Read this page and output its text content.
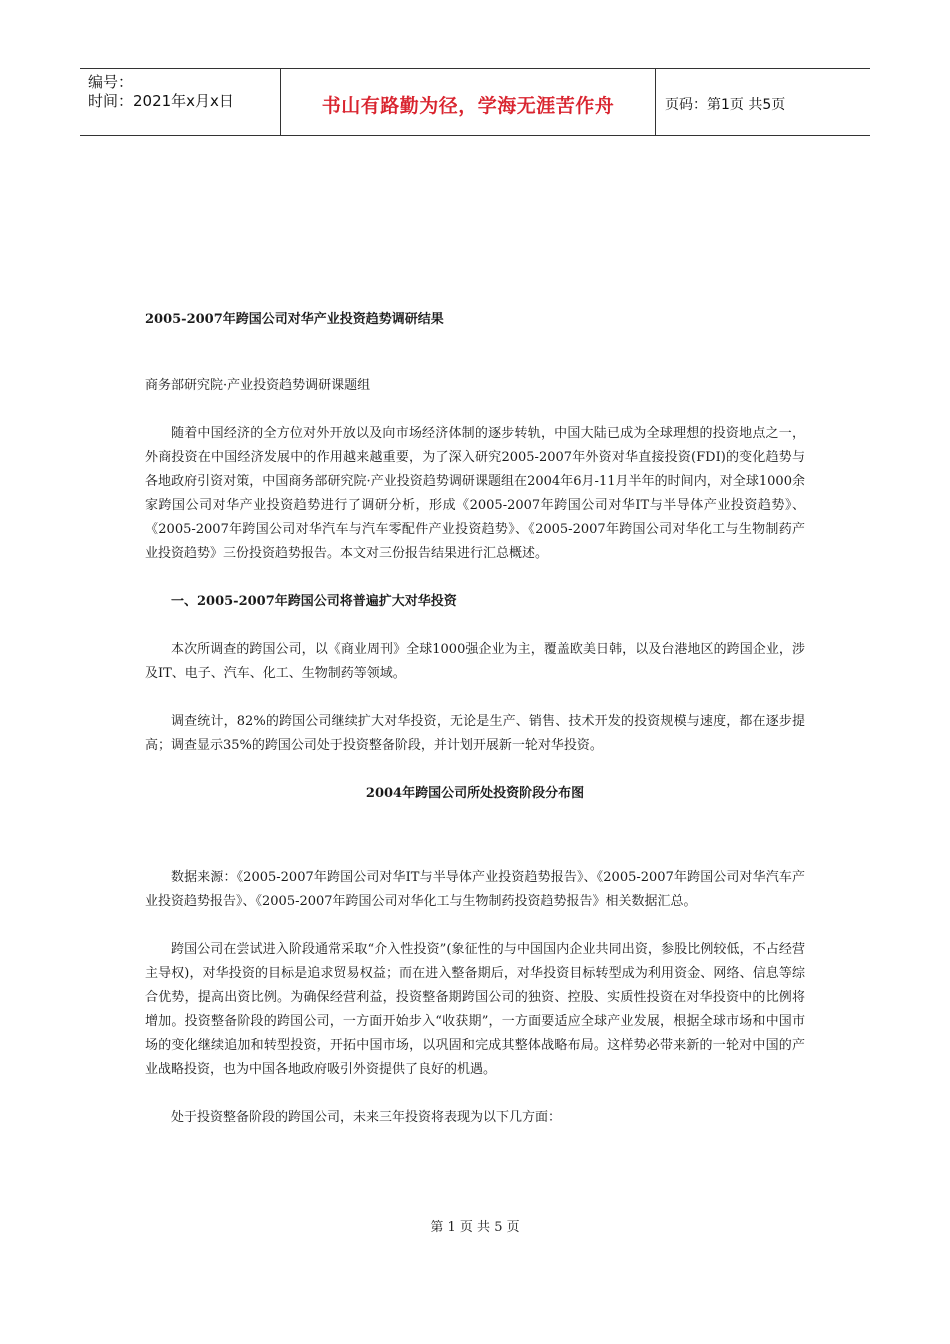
编号：
时间：2021年x月x日	书山有路勤为径，学海无涯苦作舟	页码：第1页 共5页
2005-2007年跨国公司对华产业投资趋势调研结果
商务部研究院·产业投资趋势调研课题组

随着中国经济的全方位对外开放以及向市场经济体制的逐步转轨，中国大陆已成为全球理想的投资地点之一，外商投资在中国经济发展中的作用越来越重要，为了深入研究2005-2007年外资对华直接投资(FDI)的变化趋势与各地政府引资对策，中国商务部研究院·产业投资趋势调研课题组在2004年6月-11月半年的时间内，对全球1000余家跨国公司对华产业投资趋势进行了调研分析，形成《2005-2007年跨国公司对华IT与半导体产业投资趋势》、《2005-2007年跨国公司对华汽车与汽车零配件产业投资趋势》、《2005-2007年跨国公司对华化工与生物制药产业投资趋势》三份投资趋势报告。本文对三份报告结果进行汇总概述。

一、2005-2007年跨国公司将普遍扩大对华投资

本次所调查的跨国公司，以《商业周刊》全球1000强企业为主，覆盖欧美日韩，以及台港地区的跨国企业，涉及IT、电子、汽车、化工、生物制药等领域。

调查统计，82%的跨国公司继续扩大对华投资，无论是生产、销售、技术开发的投资规模与速度，都在逐步提高；调查显示35%的跨国公司处于投资整备阶段，并计划开展新一轮对华投资。

2004年跨国公司所处投资阶段分布图

数据来源：《2005-2007年跨国公司对华IT与半导体产业投资趋势报告》、《2005-2007年跨国公司对华汽车产业投资趋势报告》、《2005-2007年跨国公司对华化工与生物制药投资趋势报告》相关数据汇总。

跨国公司在尝试进入阶段通常采取“介入性投资”(象征性的与中国国内企业共同出资，参股比例较低，不占经营主导权)，对华投资的目标是追求贸易权益；而在进入整备期后，对华投资目标转型成为利用资金、网络、信息等综合优势，提高出资比例。为确保经营利益，投资整备期跨国公司的独资、控股、实质性投资在对华投资中的比例将增加。投资整备阶段的跨国公司，一方面开始步入“收获期”，一方面要适应全球产业发展，根据全球市场和中国市场的变化继续追加和转型投资，开拓中国市场，以巩固和完成其整体战略布局。这样势必带来新的一轮对中国的产业战略投资，也为中国各地政府吸引外资提供了良好的机遇。

处于投资整备阶段的跨国公司，未来三年投资将表现为以下几方面：

第 1 页 共 5 页
